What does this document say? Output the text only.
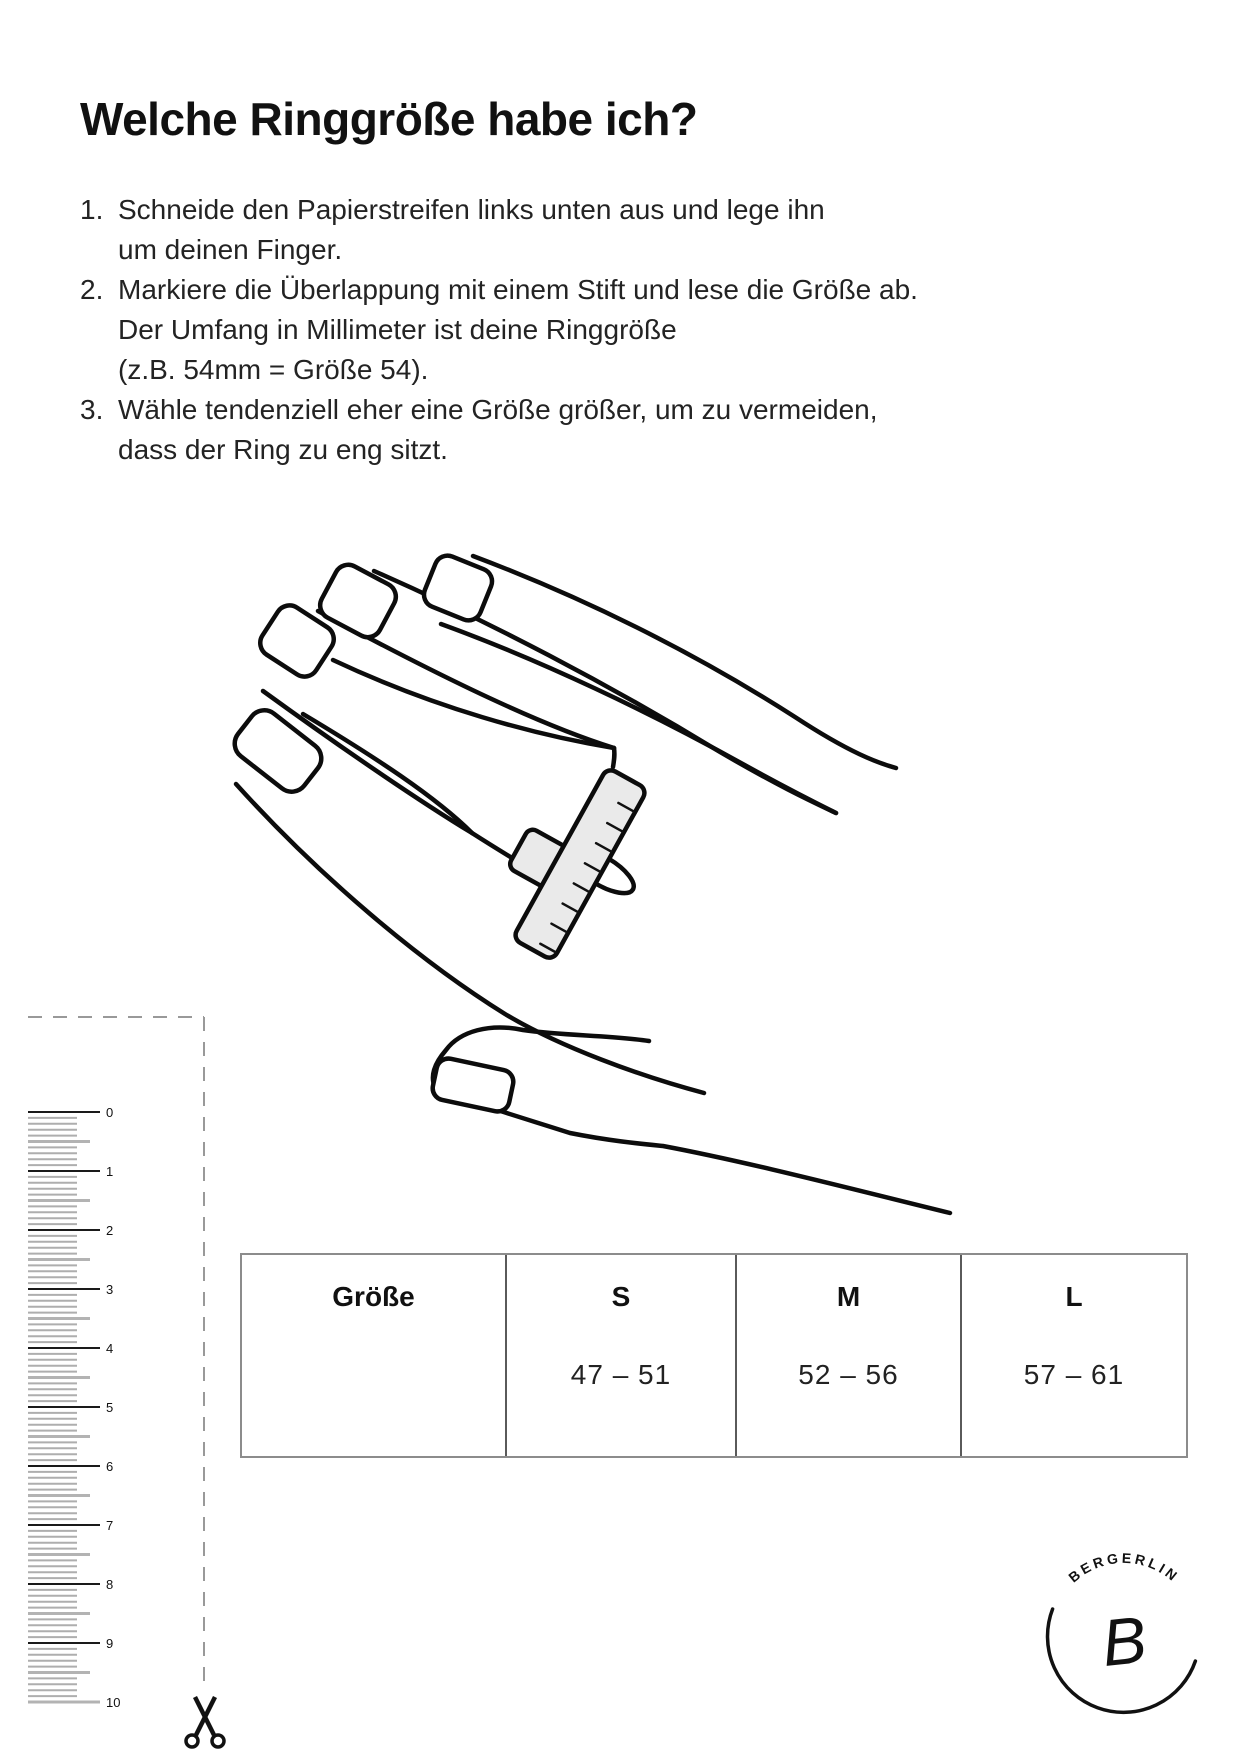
0
1
2
3
4
5
6
7
8
9
10
BERGERLIN
B
Welche Ringgröße habe ich?
1. Schneide den Papierstreifen links unten aus und lege ihn
um deinen Finger.
2. Markiere die Überlappung mit einem Stift und lese die Größe ab.
Der Umfang in Millimeter ist deine Ringgröße
(z.B. 54mm = Größe 54).
3. Wähle tendenziell eher eine Größe größer, um zu vermeiden,
dass der Ring zu eng sitzt.
Größe	S
47 – 51
M
52 – 56
L
57 – 61
